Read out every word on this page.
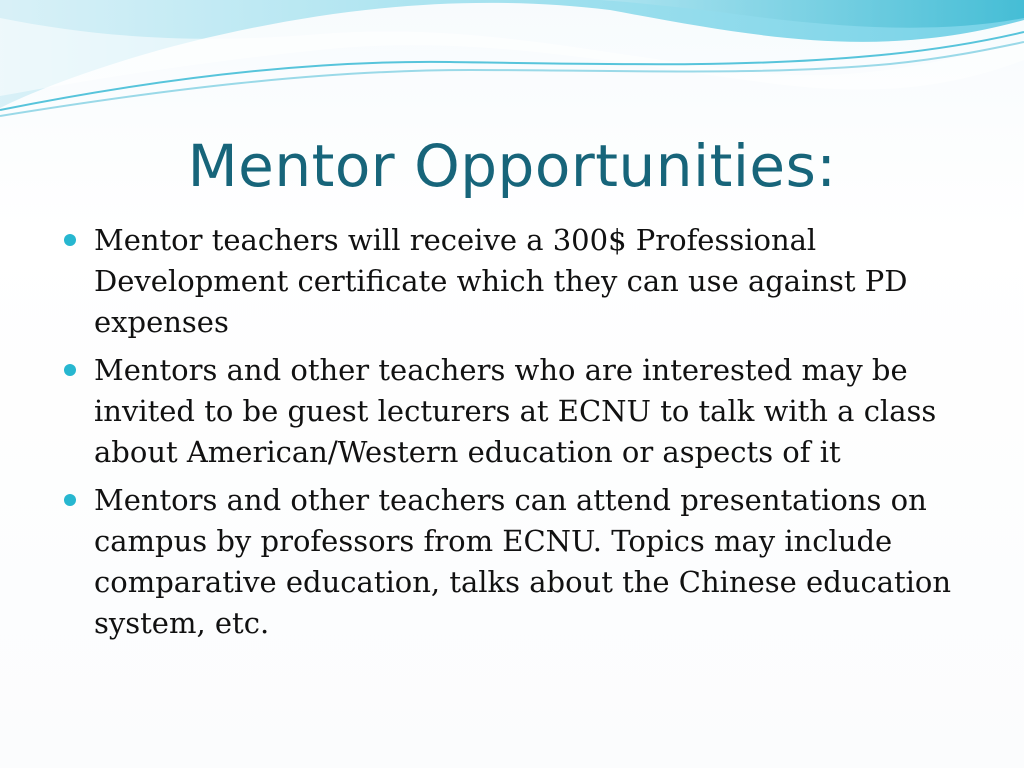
Mentor Opportunities:
Mentor teachers will receive a 300$ Professional Development certificate which they can use against PD expenses
Mentors and other teachers who are interested may be invited to be guest lecturers at ECNU to talk with a class about American/Western education or aspects of it
Mentors and other teachers can attend presentations on campus by professors from ECNU. Topics may include comparative education, talks about the Chinese education system, etc.
